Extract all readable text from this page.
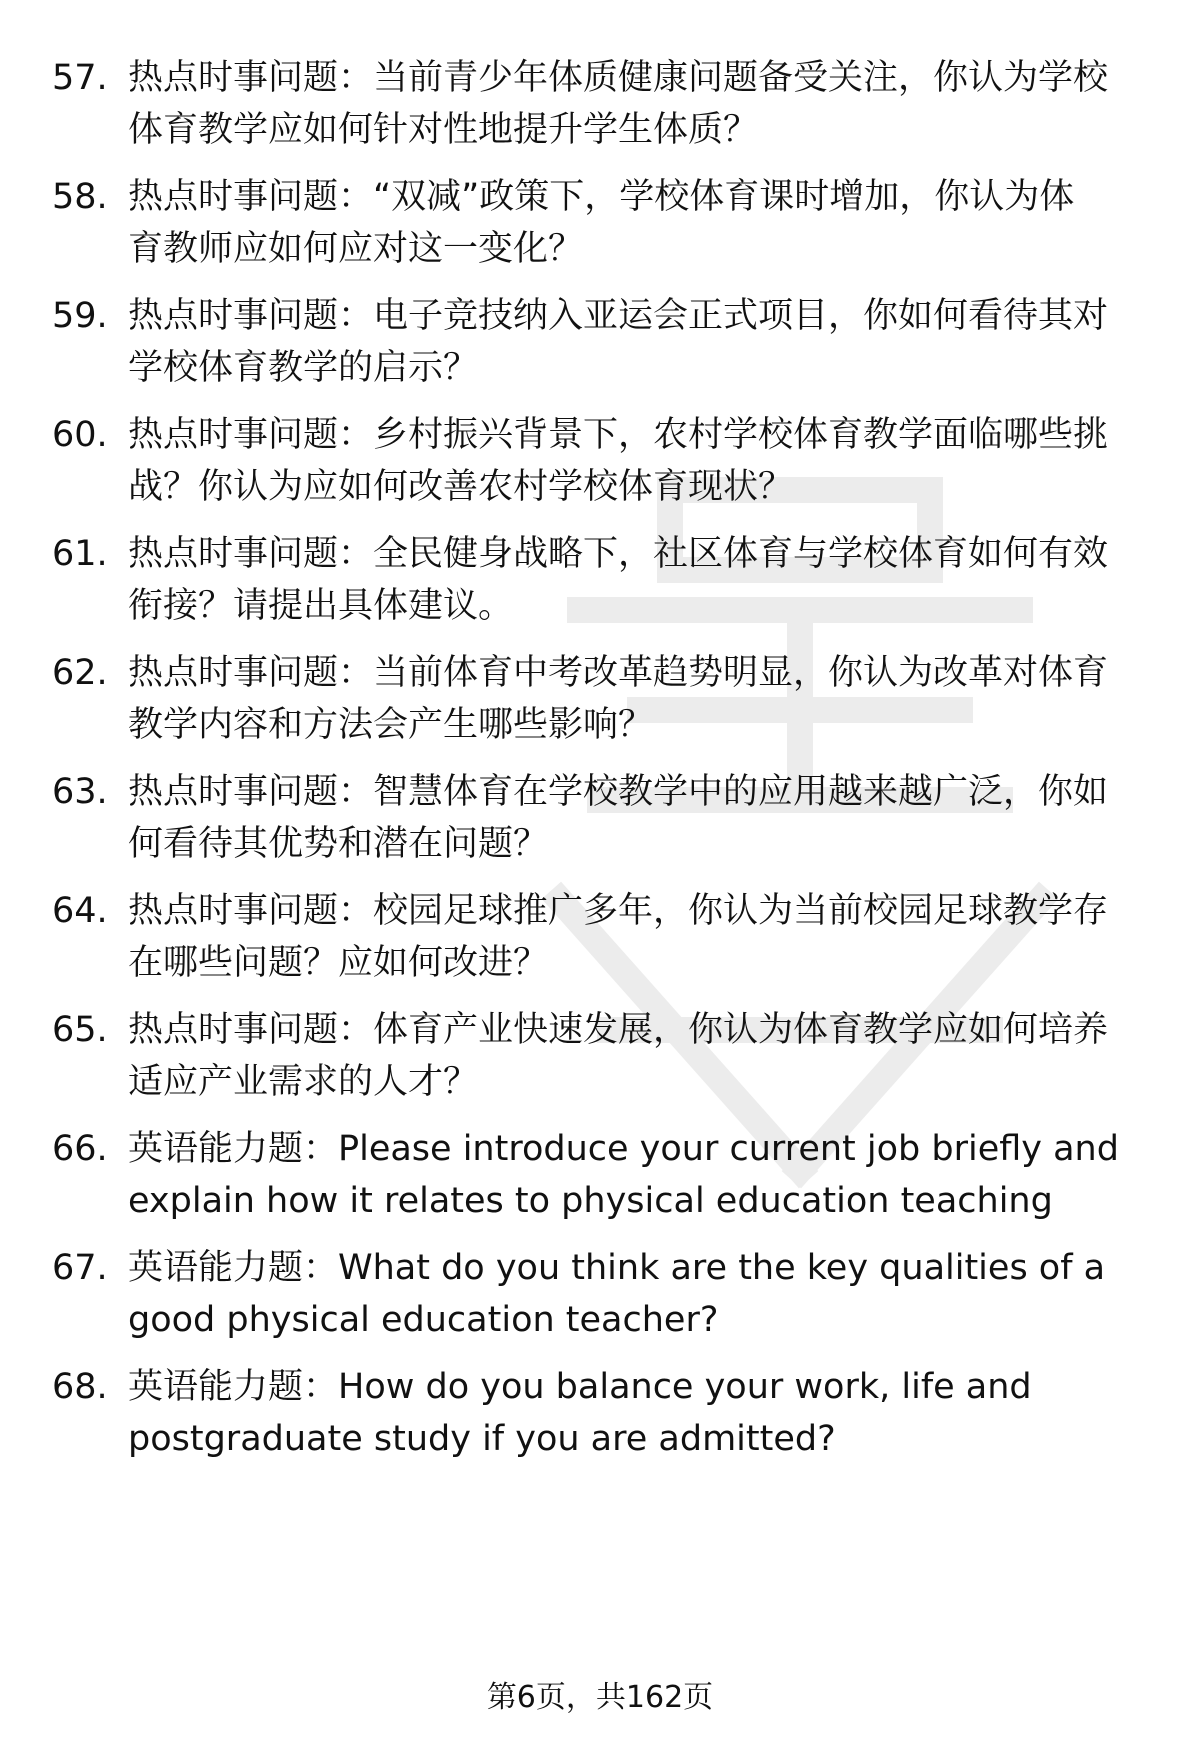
57. 热点时事问题：当前青少年体质健康问题备受关注，你认为学校
体育教学应如何针对性地提升学生体质？
58. 热点时事问题：“双减”政策下，学校体育课时增加，你认为体
育教师应如何应对这一变化？
59. 热点时事问题：电子竞技纳入亚运会正式项目，你如何看待其对
学校体育教学的启示？
60. 热点时事问题：乡村振兴背景下，农村学校体育教学面临哪些挑
战？你认为应如何改善农村学校体育现状？
61. 热点时事问题：全民健身战略下，社区体育与学校体育如何有效
衔接？请提出具体建议。
62. 热点时事问题：当前体育中考改革趋势明显，你认为改革对体育
教学内容和方法会产生哪些影响？
63. 热点时事问题：智慧体育在学校教学中的应用越来越广泛，你如
何看待其优势和潜在问题？
64. 热点时事问题：校园足球推广多年，你认为当前校园足球教学存
在哪些问题？应如何改进？
65. 热点时事问题：体育产业快速发展，你认为体育教学应如何培养
适应产业需求的人才？
66. 英语能力题：Please introduce your current job briefly and
explain how it relates to physical education teaching
67. 英语能力题：What do you think are the key qualities of a
good physical education teacher?
68. 英语能力题：How do you balance your work, life and
postgraduate study if you are admitted?
第6页，共162页
